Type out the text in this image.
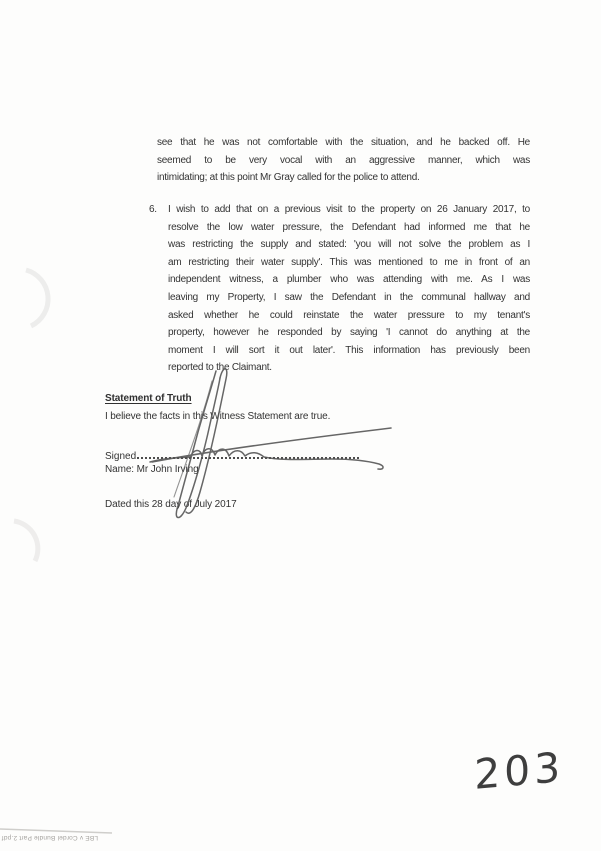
see that he was not comfortable with the situation, and he backed off. He
seemed to be very vocal with an aggressive manner, which was
intimidating; at this point Mr Gray called for the police to attend.
6.	I wish to add that on a previous visit to the property on 26 January 2017, to
resolve the low water pressure, the Defendant had informed me that he
was restricting the supply and stated: 'you will not solve the problem as I
am restricting their water supply'. This was mentioned to me in front of an
independent witness, a plumber who was attending with me. As I was
leaving my Property, I saw the Defendant in the communal hallway and
asked whether he could reinstate the water pressure to my tenant's
property, however he responded by saying 'I cannot do anything at the
moment I will sort it out later'. This information has previously been
reported to the Claimant.
Statement of Truth
I believe the facts in this Witness Statement are true.
Signed
Name: Mr John Irving
Dated this 28 day of July 2017
203
LBE v Cordel Bundle Part 2.pdf
